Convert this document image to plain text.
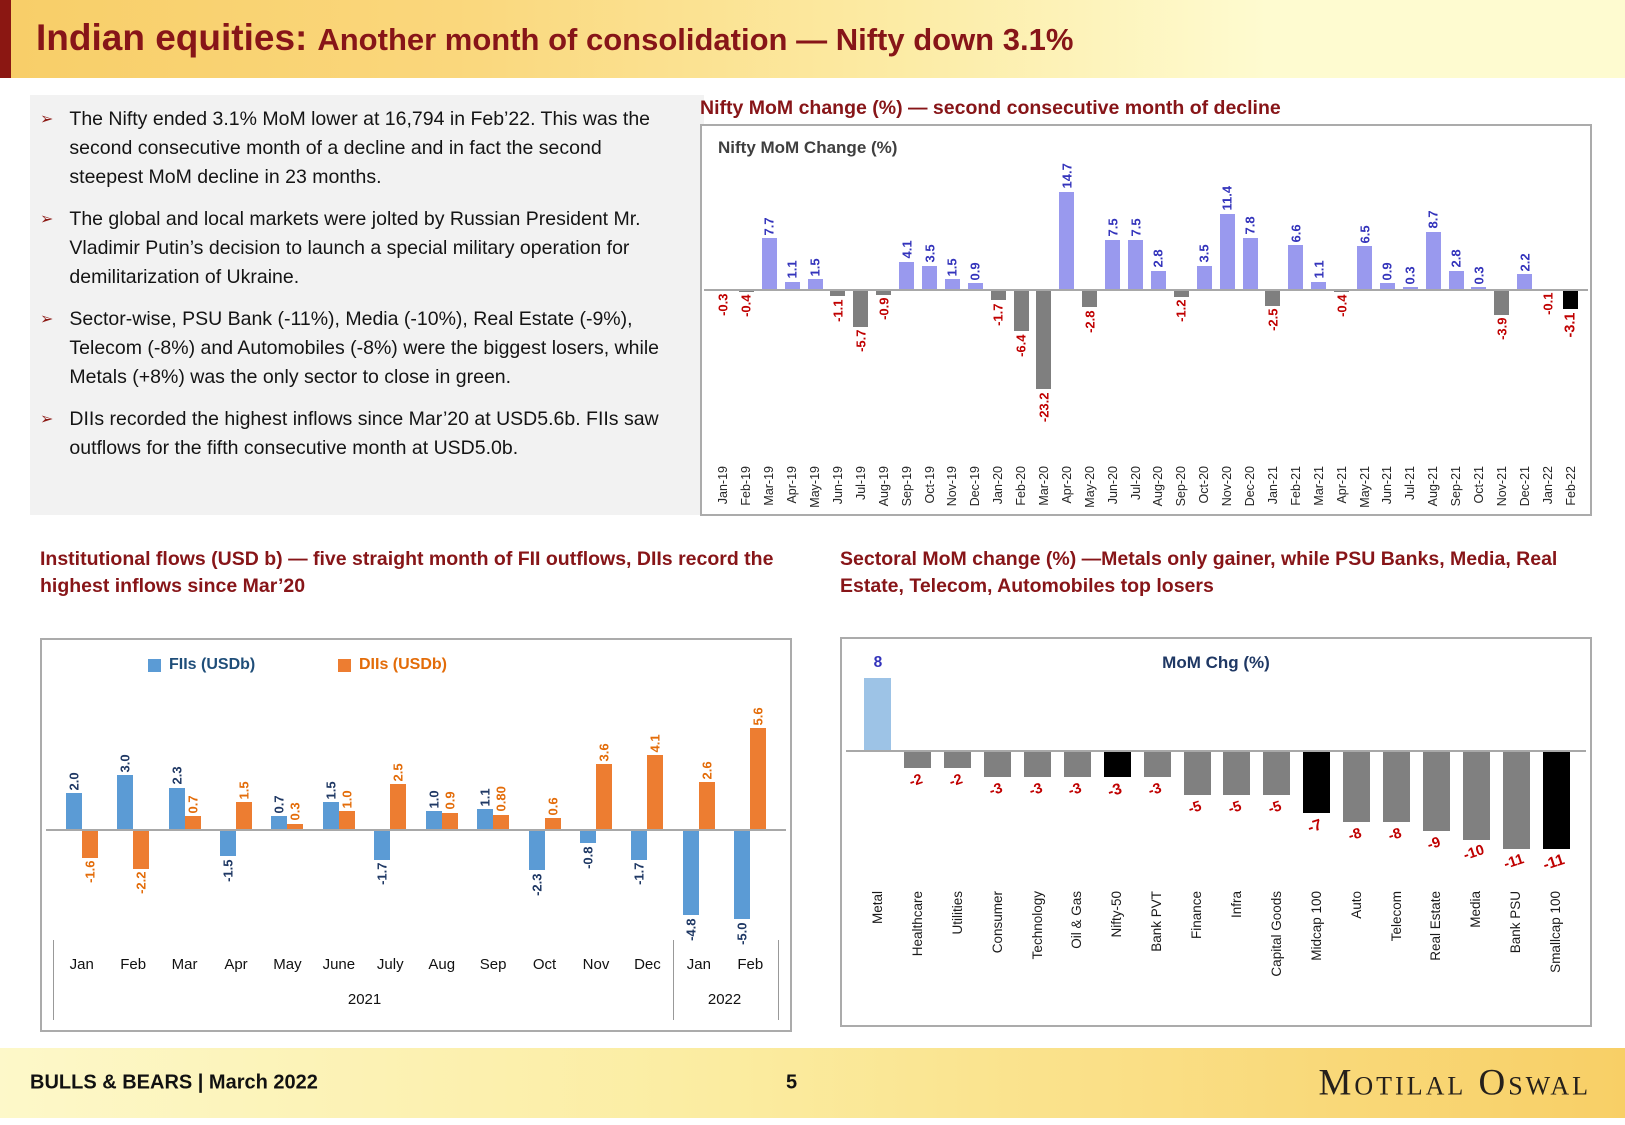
Indian equities: Another month of consolidation — Nifty down 3.1%
➢ The Nifty ended 3.1% MoM lower at 16,794 in Feb’22. This was the second consecutive month of a decline and in fact the second steepest MoM decline in 23 months.
➢ The global and local markets were jolted by Russian President Mr. Vladimir Putin’s decision to launch a special military operation for demilitarization of Ukraine.
➢ Sector-wise, PSU Bank (-11%), Media (-10%), Real Estate (-9%), Telecom (-8%) and Automobiles (-8%) were the biggest losers, while Metals (+8%) was the only sector to close in green.
➢ DIIs recorded the highest inflows since Mar’20 at USD5.6b. FIIs saw outflows for the fifth consecutive month at USD5.0b.
Nifty MoM change (%) — second consecutive month of decline
Institutional flows (USD b) — five straight month of FII outflows, DIIs record the highest inflows since Mar’20
Sectoral MoM change (%) —Metals only gainer, while PSU Banks, Media, Real Estate, Telecom, Automobiles top losers
Nifty MoM Change (%)
-0.3
Jan-19
-0.4
Feb-19
7.7
Mar-19
1.1
Apr-19
1.5
May-19
-1.1
Jun-19
-5.7
Jul-19
-0.9
Aug-19
4.1
Sep-19
3.5
Oct-19
1.5
Nov-19
0.9
Dec-19
-1.7
Jan-20
-6.4
Feb-20
-23.2
Mar-20
14.7
Apr-20
-2.8
May-20
7.5
Jun-20
7.5
Jul-20
2.8
Aug-20
-1.2
Sep-20
3.5
Oct-20
11.4
Nov-20
7.8
Dec-20
-2.5
Jan-21
6.6
Feb-21
1.1
Mar-21
-0.4
Apr-21
6.5
May-21
0.9
Jun-21
0.3
Jul-21
8.7
Aug-21
2.8
Sep-21
0.3
Oct-21
-3.9
Nov-21
2.2
Dec-21
-0.1
Jan-22
-3.1
Feb-22
FIIs (USDb)	DIIs (USDb)
2.0
-1.6
Jan
3.0
-2.2
Feb
2.3
0.7
Mar
-1.5
1.5
Apr
0.7 0.3
May
1.5 1.0
June
-1.7
2.5
July
1.0 0.9
Aug
1.1 0.80
Sep
-2.3
0.6
Oct
-0.8
3.6
Nov
-1.7
4.1
Dec
-4.8
2.6
Jan
-5.0
5.6
Feb
2021	2022
MoM Chg (%)
8
Metal
-2
Healthcare
-2
Utilities
-3
Consumer
-3
Technology
-3
Oil & Gas
-3
Nifty-50
-3
Bank PVT
-5
Finance
-5
Infra
-5
Capital Goods
-7
Midcap 100
-8
Auto
-8
Telecom
-9
Real Estate
-10
Media
-11
Bank PSU
-11
Smallcap 100
BULLS & BEARS | March 2022	5	Motilal Oswal
